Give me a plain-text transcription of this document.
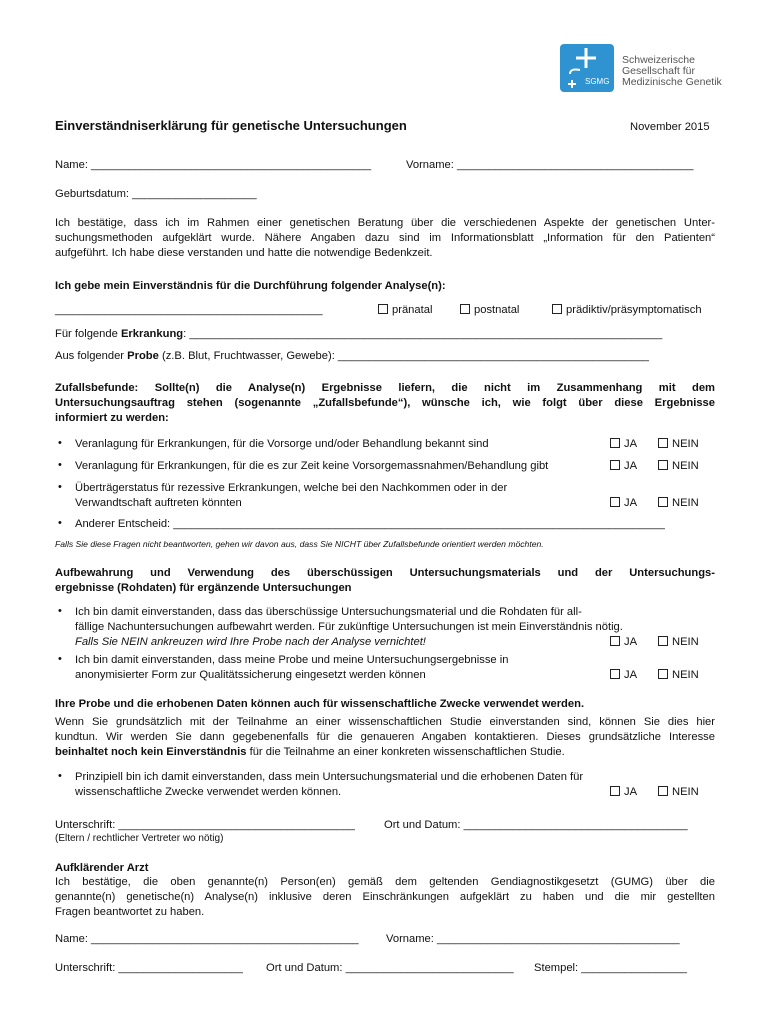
SGMG
Schweizerische
Gesellschaft für
Medizinische Genetik
Einverständniserklärung für genetische Untersuchungen	November 2015
Name: _____________________________________________	Vorname: ______________________________________
Geburtsdatum: ____________________
Ich bestätige, dass ich im Rahmen einer genetischen Beratung über die verschiedenen Aspekte der genetischen Unter-
suchungsmethoden aufgeklärt wurde. Nähere Angaben dazu sind im Informationsblatt „Information für den Patienten“
aufgeführt. Ich habe diese verstanden und hatte die notwendige Bedenkzeit.
Ich gebe mein Einverständnis für die Durchführung folgender Analyse(n):
___________________________________________	pränatal	postnatal	prädiktiv/präsymptomatisch
Für folgende Erkrankung: ____________________________________________________________________________
Aus folgender Probe (z.B. Blut, Fruchtwasser, Gewebe): __________________________________________________
Zufallsbefunde: Sollte(n) die Analyse(n) Ergebnisse liefern, die nicht im Zusammenhang mit dem
Untersuchungsauftrag stehen (sogenannte „Zufallsbefunde“), wünsche ich, wie folgt über diese Ergebnisse
informiert zu werden:
• Veranlagung für Erkrankungen, für die Vorsorge und/oder Behandlung bekannt sind	JA	NEIN
• Veranlagung für Erkrankungen, für die es zur Zeit keine Vorsorgemassnahmen/Behandlung gibt	JA	NEIN
• Überträgerstatus für rezessive Erkrankungen, welche bei den Nachkommen oder in der
Verwandtschaft auftreten könnten	JA	NEIN
• Anderer Entscheid: _______________________________________________________________________________
Falls Sie diese Fragen nicht beantworten, gehen wir davon aus, dass Sie NICHT über Zufallsbefunde orientiert werden möchten.
Aufbewahrung und Verwendung des überschüssigen Untersuchungsmaterials und der Untersuchungs-
ergebnisse (Rohdaten) für ergänzende Untersuchungen
• Ich bin damit einverstanden, dass das überschüssige Untersuchungsmaterial und die Rohdaten für all-
fällige Nachuntersuchungen aufbewahrt werden. Für zukünftige Untersuchungen ist mein Einverständnis nötig.
Falls Sie NEIN ankreuzen wird Ihre Probe nach der Analyse vernichtet!	JA	NEIN
• Ich bin damit einverstanden, dass meine Probe und meine Untersuchungsergebnisse in
anonymisierter Form zur Qualitätssicherung eingesetzt werden können	JA	NEIN
Ihre Probe und die erhobenen Daten können auch für wissenschaftliche Zwecke verwendet werden.
Wenn Sie grundsätzlich mit der Teilnahme an einer wissenschaftlichen Studie einverstanden sind, können Sie dies hier
kundtun. Wir werden Sie dann gegebenenfalls für die genaueren Angaben kontaktieren. Dieses grundsätzliche Interesse
beinhaltet noch kein Einverständnis für die Teilnahme an einer konkreten wissenschaftlichen Studie.
• Prinzipiell bin ich damit einverstanden, dass mein Untersuchungsmaterial und die erhobenen Daten für
wissenschaftliche Zwecke verwendet werden können.	JA	NEIN
Unterschrift: ______________________________________	Ort und Datum: ____________________________________
(Eltern / rechtlicher Vertreter wo nötig)
Aufklärender Arzt
Ich bestätige, die oben genannte(n) Person(en) gemäß dem geltenden Gendiagnostikgesetzt (GUMG) über die
genannte(n) genetische(n) Analyse(n) inklusive deren Einschränkungen aufgeklärt zu haben und die mir gestellten
Fragen beantwortet zu haben.
Name: ___________________________________________ Vorname: _______________________________________
Unterschrift: ____________________ Ort und Datum: ___________________________ Stempel: _________________
